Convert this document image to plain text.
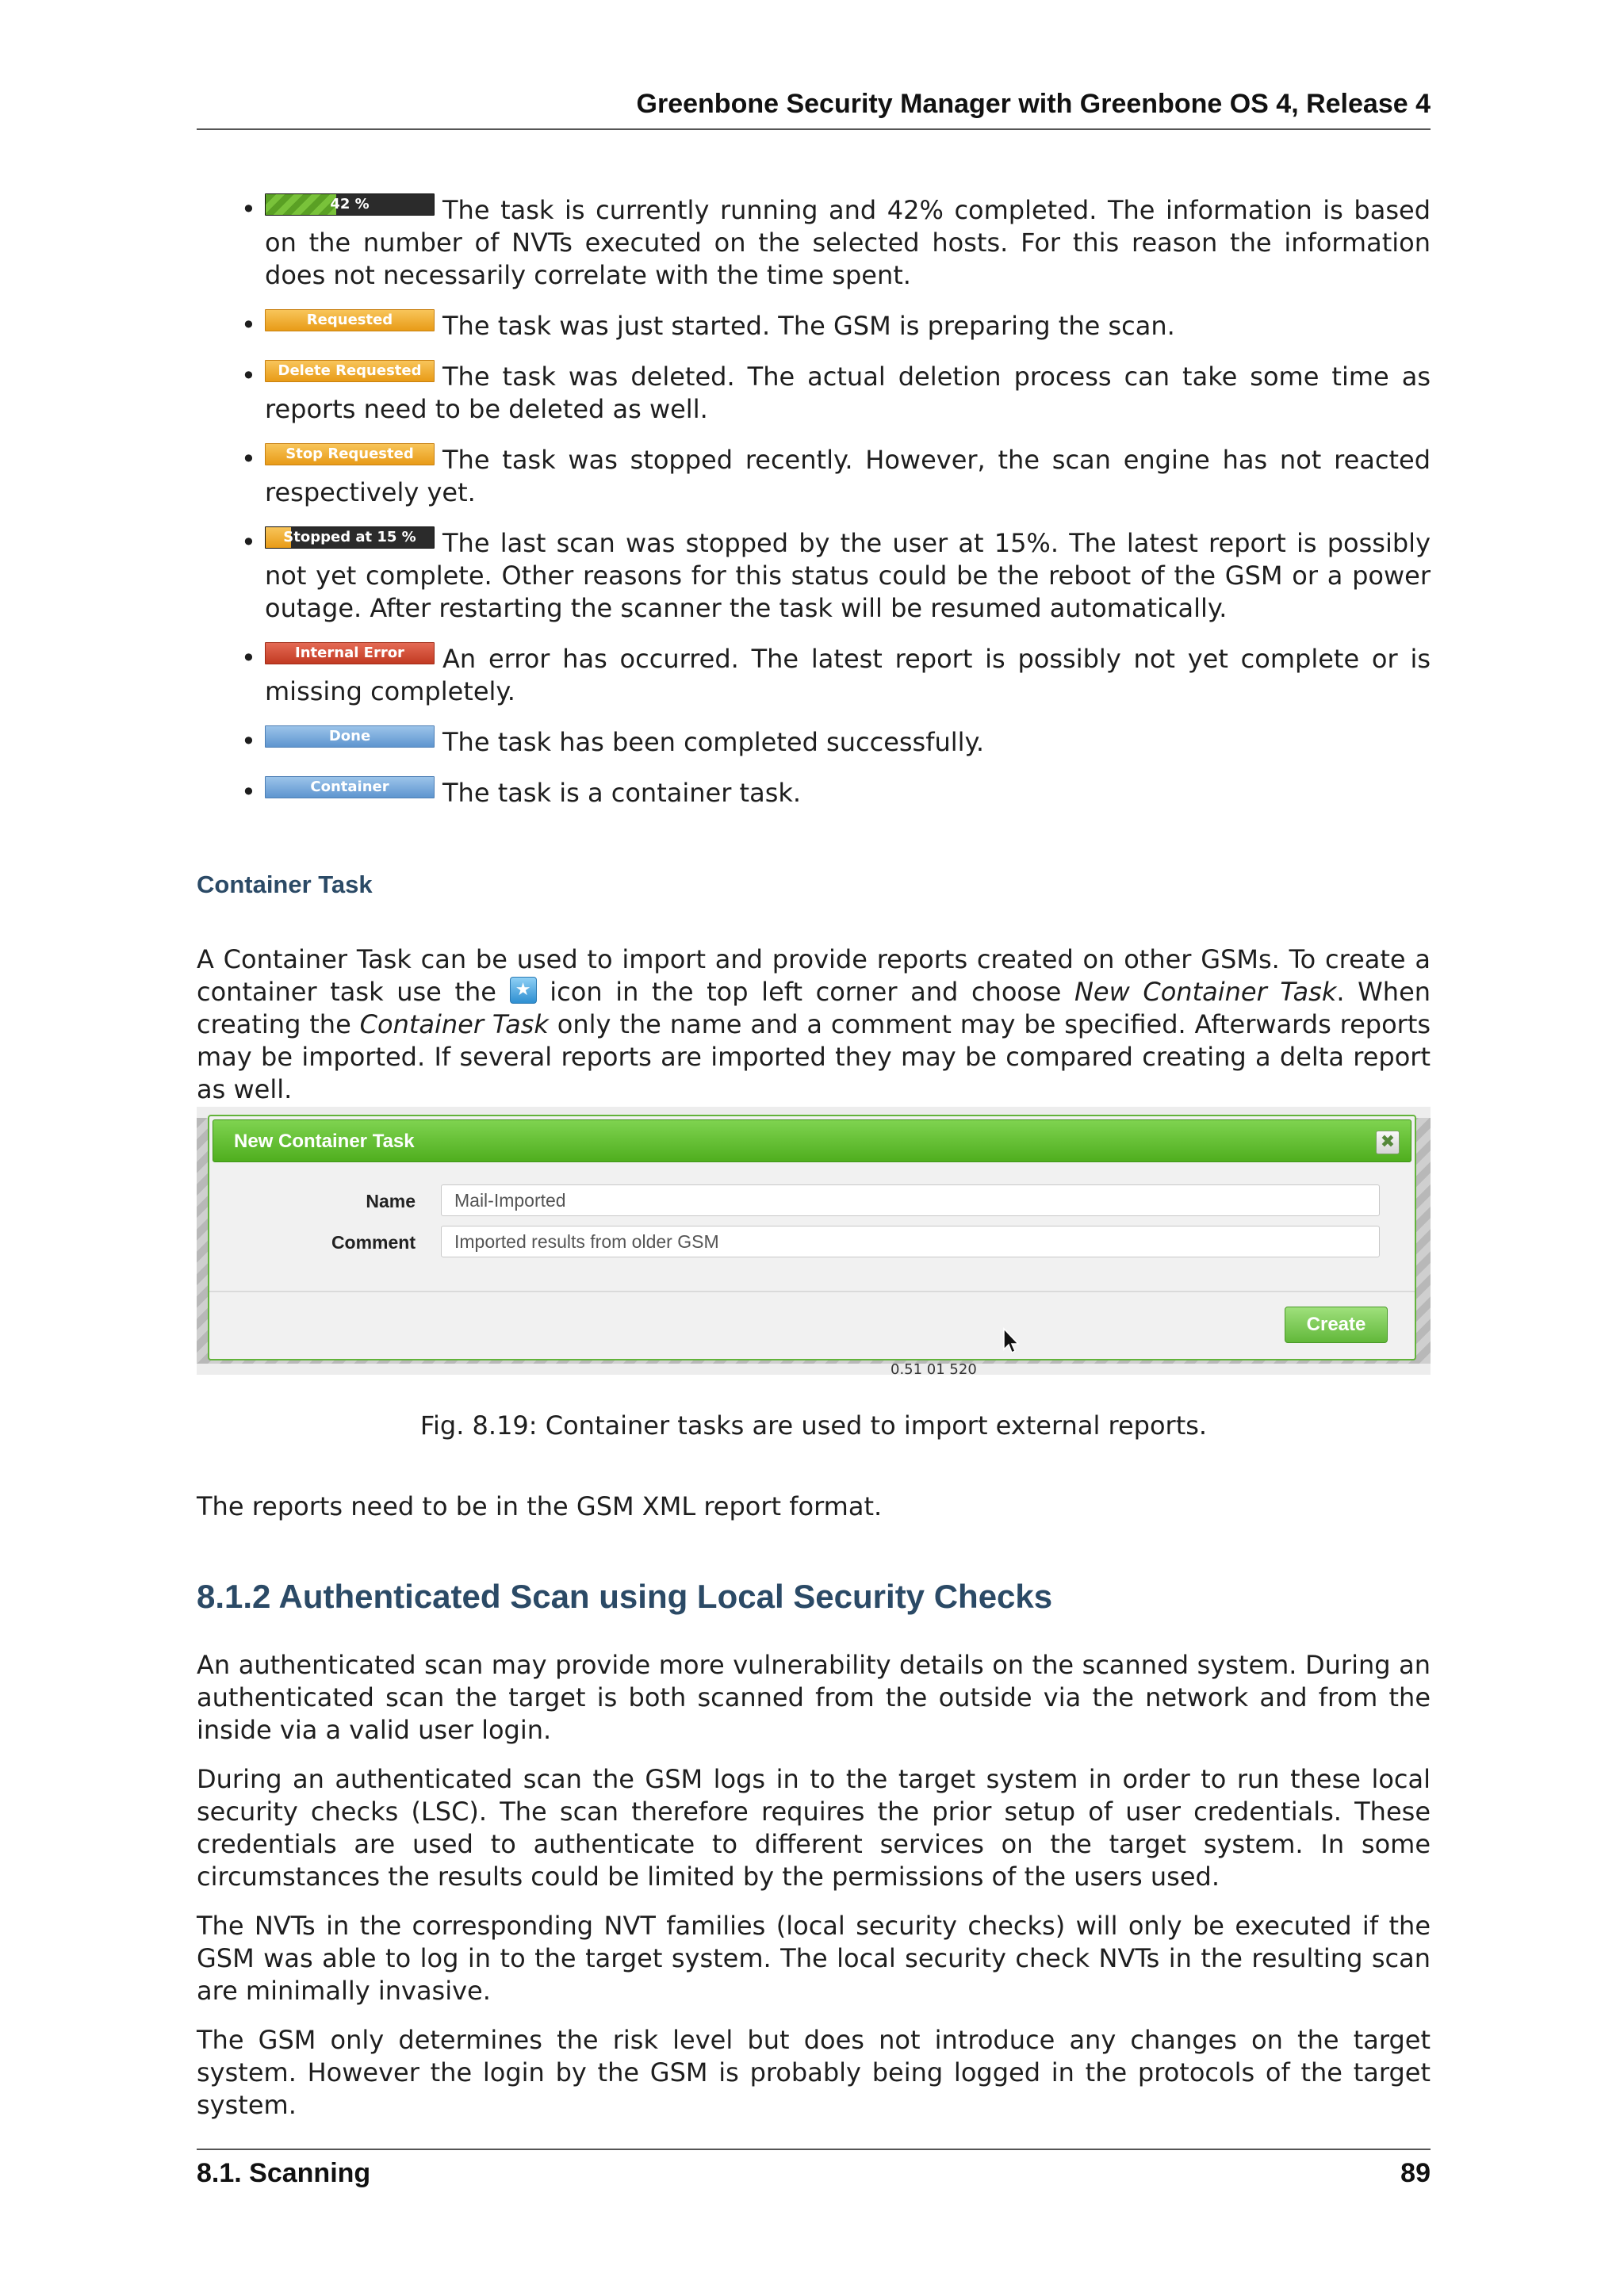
Greenbone Security Manager with Greenbone OS 4, Release 4
•	42 %	The task is currently running and 42% completed. The information is based on the number of NVTs executed on the selected hosts. For this reason the information does not necessarily correlate with the time spent.
•	Requested The task was just started. The GSM is preparing the scan.
• Delete Requested The task was deleted. The actual deletion process can take some time as reports need to be deleted as well.
• Stop Requested The task was stopped recently. However, the scan engine has not reacted respectively yet.
• Stopped at 15 % The last scan was stopped by the user at 15%. The latest report is possibly not yet complete. Other reasons for this status could be the reboot of the GSM or a power outage. After restarting the scanner the task will be resumed automatically.
•	Internal Error An error has occurred. The latest report is possibly not yet complete or is missing completely.
•	Done	The task has been completed successfully.
•	Container The task is a container task.
Container Task

A Container Task can be used to import and provide reports created on other GSMs. To create a container task use the ★ icon in the top left corner and choose New Container Task. When creating the Container Task only the name and a comment may be specified. Afterwards reports may be imported. If several reports are imported they may be compared creating a delta report as well.

0.51 01 520
New Container Task	✖
Name	Mail-Imported
Comment	Imported results from older GSM
Create
Fig. 8.19: Container tasks are used to import external reports.

The reports need to be in the GSM XML report format.

8.1.2 Authenticated Scan using Local Security Checks

An authenticated scan may provide more vulnerability details on the scanned system. During an authenticated scan the target is both scanned from the outside via the network and from the inside via a valid user login.

During an authenticated scan the GSM logs in to the target system in order to run these local security checks (LSC). The scan therefore requires the prior setup of user credentials. These credentials are used to authenticate to different services on the target system. In some circumstances the results could be limited by the permissions of the users used.

The NVTs in the corresponding NVT families (local security checks) will only be executed if the GSM was able to log in to the target system. The local security check NVTs in the resulting scan are minimally invasive.

The GSM only determines the risk level but does not introduce any changes on the target system. However the login by the GSM is probably being logged in the protocols of the target system.

8.1. Scanning	89
